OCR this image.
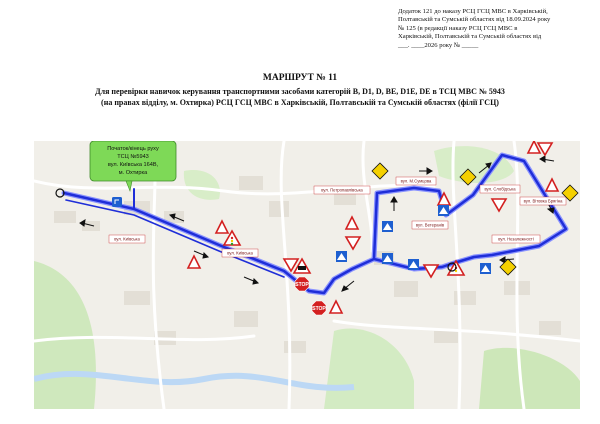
Додаток 121 до наказу РСЦ ГСЦ МВС в Харківській,
Полтавській та Сумській областях від 18.09.2024 року
№ 125 (в редакції наказу РСЦ ГСЦ МВС в
Харківській, Полтавській та Сумській областях від
___. ____2026 року № _____
МАРШРУТ № 11
Для перевірки навичок керування транспортними засобами категорій B, D1, D, BE, D1E, DE в ТСЦ МВС № 5943
(на правах відділу, м. Охтирка) РСЦ ГСЦ МВС в Харківській, Полтавській та Сумській областях (філії ГСЦ)
Початок/кінець руху
ТСЦ №5943
вул. Київська 164В,
м. Охтирка
вул. Київська
вул. Київська
вул. Петропавлівська
вул. М.Сумцова
вул. Слобідська
вул. Ветеранів
вул. Вітовка Брягіна
вул. Незалежності
STOP
STOP
